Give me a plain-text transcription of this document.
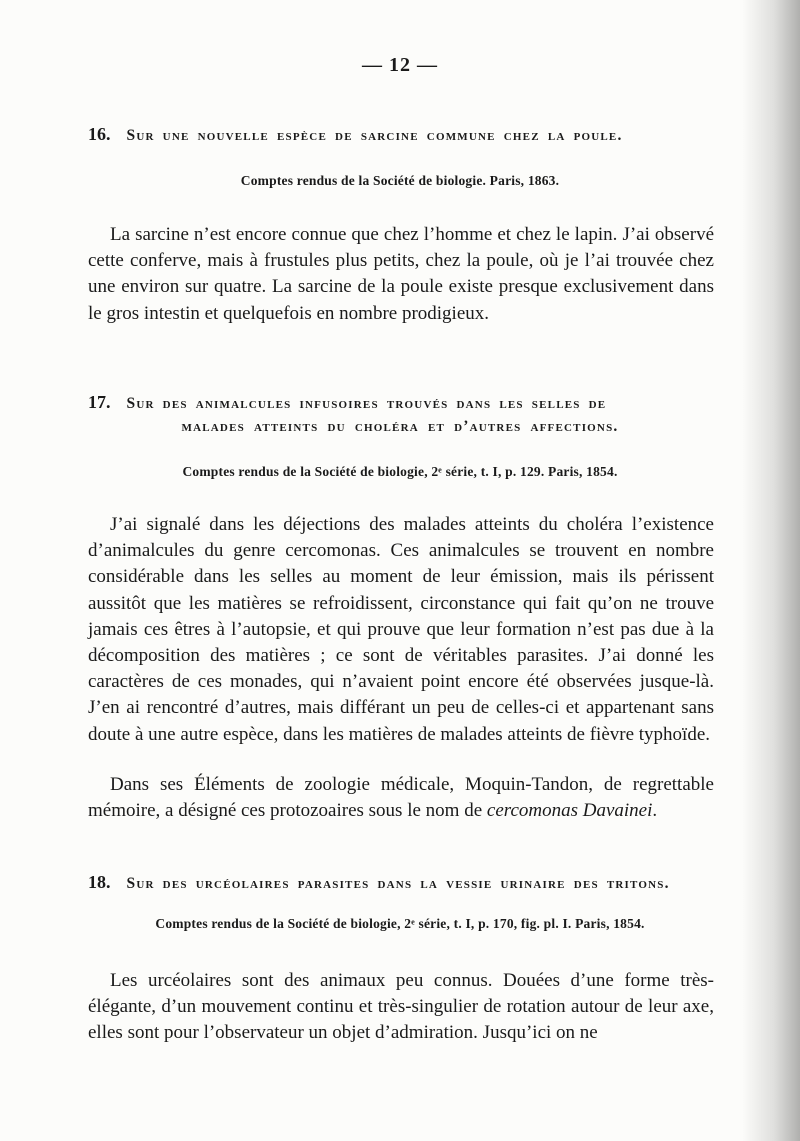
— 12 —
16. Sur une nouvelle espèce de sarcine commune chez la poule.
Comptes rendus de la Société de biologie. Paris, 1863.

La sarcine n’est encore connue que chez l’homme et chez le lapin. J’ai observé cette conferve, mais à frustules plus petits, chez la poule, où je l’ai trouvée chez une environ sur quatre. La sarcine de la poule existe presque exclusivement dans le gros intestin et quelquefois en nombre prodigieux.

17. Sur des animalcules infusoires trouvés dans les selles de
malades atteints du choléra et d’autres affections.
Comptes rendus de la Société de biologie, 2ᵉ série, t. I, p. 129. Paris, 1854.

J’ai signalé dans les déjections des malades atteints du choléra l’existence d’animalcules du genre cercomonas. Ces animalcules se trouvent en nombre considérable dans les selles au moment de leur émission, mais ils périssent aussitôt que les matières se refroidissent, circonstance qui fait qu’on ne trouve jamais ces êtres à l’autopsie, et qui prouve que leur formation n’est pas due à la décomposition des matières ; ce sont de véritables parasites. J’ai donné les caractères de ces monades, qui n’avaient point encore été observées jusque-là. J’en ai rencontré d’autres, mais différant un peu de celles-ci et appartenant sans doute à une autre espèce, dans les matières de malades atteints de fièvre typhoïde.

Dans ses Éléments de zoologie médicale, Moquin-Tandon, de regrettable mémoire, a désigné ces protozoaires sous le nom de cercomonas Davainei.

18. Sur des urcéolaires parasites dans la vessie urinaire des tritons.
Comptes rendus de la Société de biologie, 2ᵉ série, t. I, p. 170, fig. pl. I. Paris, 1854.

Les urcéolaires sont des animaux peu connus. Douées d’une forme très-élégante, d’un mouvement continu et très-singulier de rotation autour de leur axe, elles sont pour l’observateur un objet d’admiration. Jusqu’ici on ne
